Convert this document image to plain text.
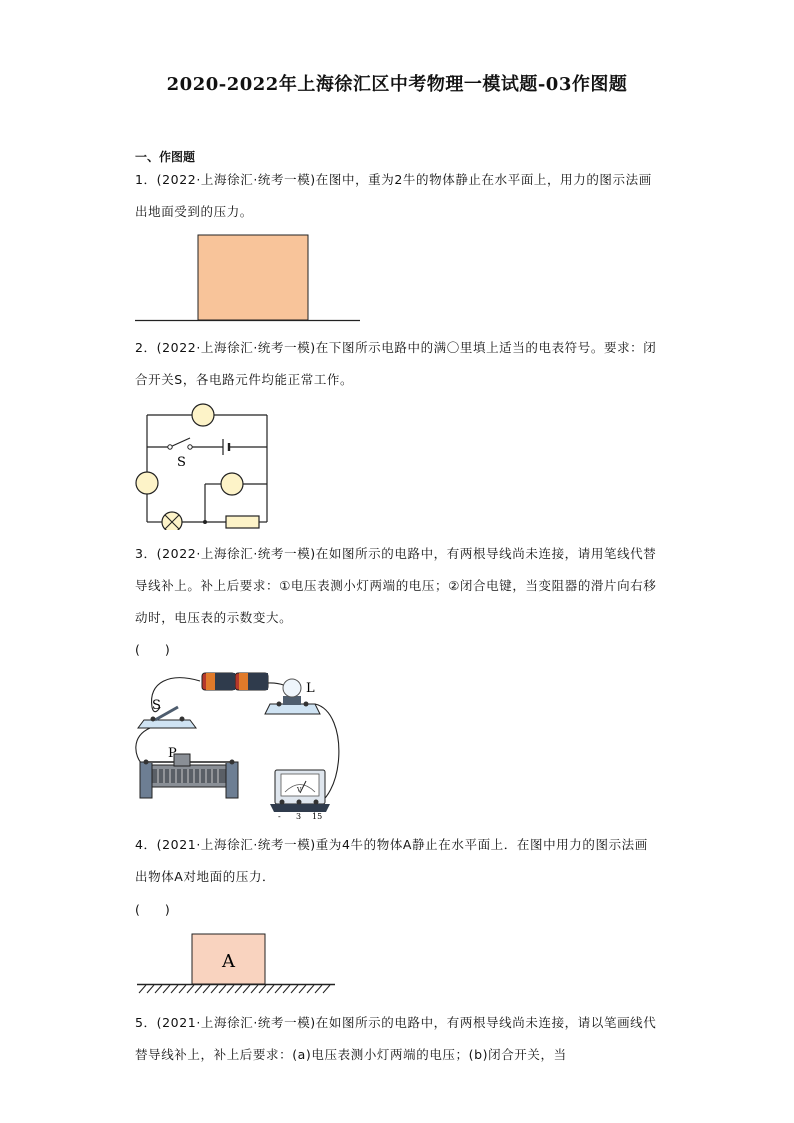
2020-2022年上海徐汇区中考物理一模试题-03作图题
一、作图题

1．(2022·上海徐汇·统考一模)在图中，重为2牛的物体静止在水平面上，用力的图示法画出地面受到的压力。

2．(2022·上海徐汇·统考一模)在下图所示电路中的满〇里填上适当的电表符号。要求：闭合开关S，各电路元件均能正常工作。

S

3．(2022·上海徐汇·统考一模)在如图所示的电路中，有两根导线尚未连接，请用笔线代替导线补上。补上后要求：①电压表测小灯两端的电压；②闭合电键，当变阻器的滑片向右移动时，电压表的示数变大。

(　　)
L
S
P
V
- 3 15

4．(2021·上海徐汇·统考一模)重为4牛的物体A静止在水平面上．在图中用力的图示法画出物体A对地面的压力．

(　　)
A

5．(2021·上海徐汇·统考一模)在如图所示的电路中，有两根导线尚未连接，请以笔画线代替导线补上，补上后要求：(a)电压表测小灯两端的电压；(b)闭合开关，当
